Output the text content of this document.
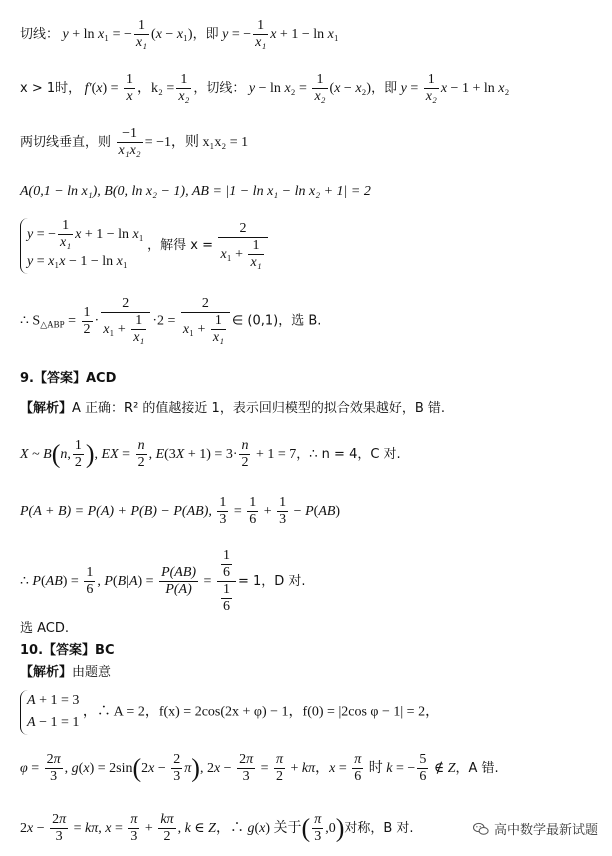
切线： y + ln x₁ = − $\frac{1}{\text{x₁}} (x - x_1)$，即 y = − $\frac{1}{\text{x₁}}$ x + 1 − ln x₁
x > 1时， $f'(x) = \frac{1}{x}$ ，$k_2 = \frac{1}{\text{x₂}}$ ，切线： $y - \ln x_2 = \frac{1}{\text{x₂}} (x - x_2)$，即 $y = \frac{1}{\text{x₂}}$ x − 1 + ln x₂
两切线垂直，则 $\frac{-1}{\text{x₁x₂}} = -1$，则 x₁x₂ = 1
A(0,1 − ln x₁), B(0, ln x₂ − 1), AB = |1 − ln x₁ − ln x₂ + 1| = 2
y = − $\frac{1}{\text{x₁}}$ x + 1 − ln x₁
y = x₁x − 1 − ln x₁
，解得 $x = \frac{2}{x_1 + \frac{1}{\text{x₁}}}$
∴ $S_{\triangle ABP} = \frac{1}{2} \cdot \frac{2}{x_1 + \frac{1}{\text{x₁}}} \cdot 2 = \frac{2}{x_1 + \frac{1}{\text{x₁}}}$ ∈ (0,1)，选 B.
9.【答案】ACD
【解析】A 正确：R² 的值越接近 1，表示回归模型的拟合效果越好，B 错.
X ~ B(n, $\frac{1}{2}$ ), EX = $\frac{n}{2}$ , $E(3X + 1) = 3\cdot \frac{n}{2} + 1 = 7$，∴ n = 4，C 对.
P(A + B) = P(A) + P(B) − P(AB), $\frac{1}{3} = \frac{1}{6} + \frac{1}{3} - P(AB)$
∴ $P(AB) = \frac{1}{6}$ , $P(B|A) = \frac{P(AB)}{P(A)} = \frac{\frac{1}{6}}{\frac{1}{6}} = 1$，D 对.
选 ACD.
10.【答案】BC
【解析】由题意
A + 1 = 3
A − 1 = 1
，∴ A = 2，f(x) = 2cos(2x + φ) − 1，f(0) = |2cos φ − 1| = 2，
$\varphi = \frac{2\pi}{3}$ , $g(x) = 2\sin(2x - \frac{2}{3} \pi)$, $2x - \frac{2\pi}{3} = \frac{\pi}{2} + k\pi$，$x = \frac{\pi}{6}$ 时 k = − $\frac{5}{6}$ ∉ Z，A 错.
$2x - \frac{2\pi}{3} = k\pi$, $x = \frac{\pi}{3} + \frac{k\pi}{2}$ , k ∈ Z，∴ g(x) 关于( $\frac{\pi}{3} ,0$)对称，B 对.	高中数学最新试题
